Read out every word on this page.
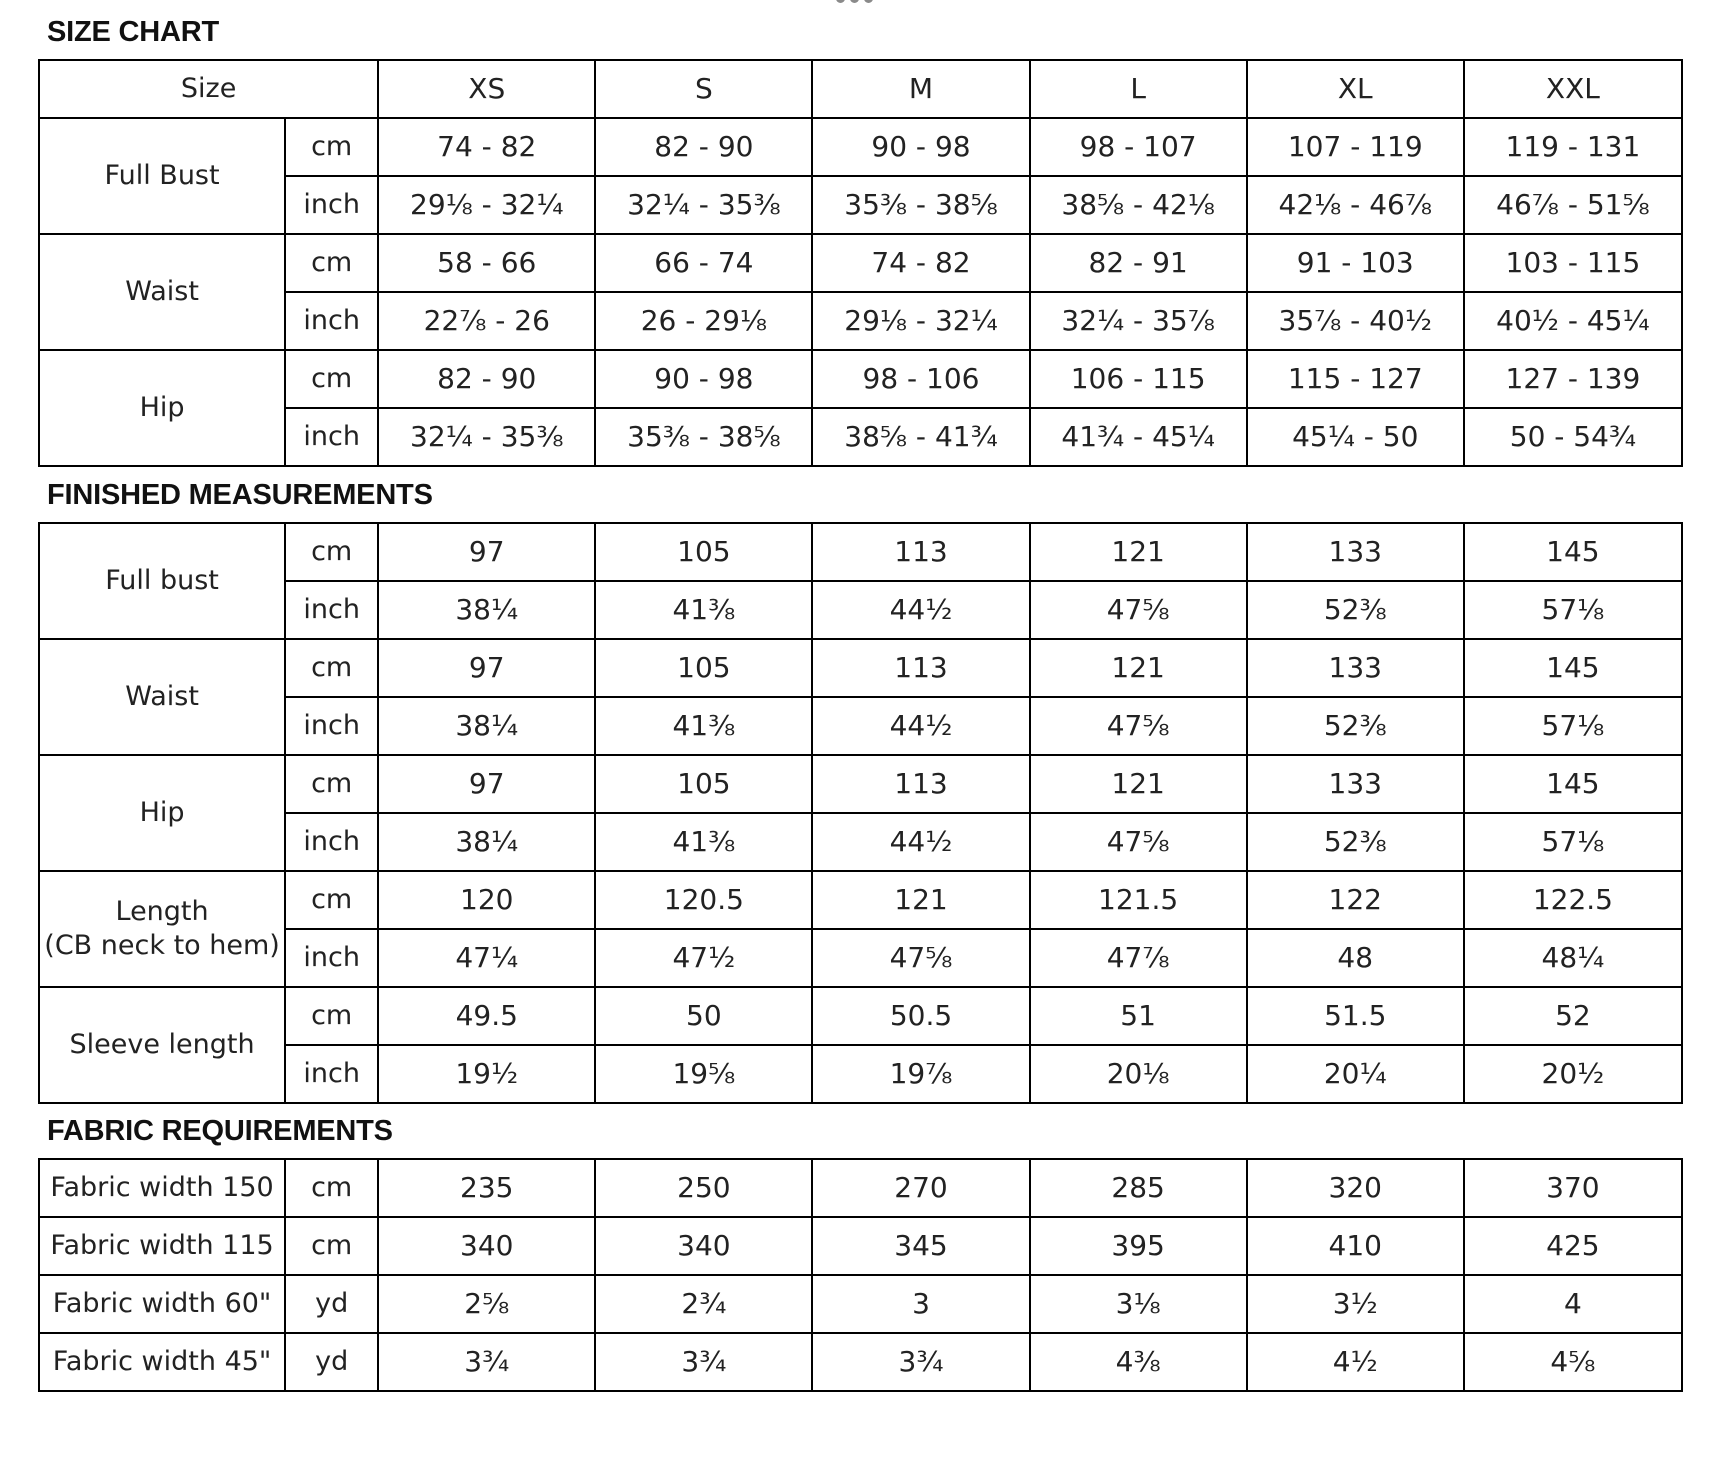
SIZE CHART
Size		XS	S	M	L	XL	XXL
Full Bust	cm	74 - 82	82 - 90	90 - 98	98 - 107	107 - 119	119 - 131
	inch	29⅛ - 32¼	32¼ - 35⅜	35⅜ - 38⅝	38⅝ - 42⅛	42⅛ - 46⅞	46⅞ - 51⅝
Waist	cm	58 - 66	66 - 74	74 - 82	82 - 91	91 - 103	103 - 115
	inch	22⅞ - 26	26 - 29⅛	29⅛ - 32¼	32¼ - 35⅞	35⅞ - 40½	40½ - 45¼
Hip	cm	82 - 90	90 - 98	98 - 106	106 - 115	115 - 127	127 - 139
	inch	32¼ - 35⅜	35⅜ - 38⅝	38⅝ - 41¾	41¾ - 45¼	45¼ - 50	50 - 54¾
FINISHED MEASUREMENTS
Full bust	cm	97	105	113	121	133	145
	inch	38¼	41⅜	44½	47⅝	52⅜	57⅛

Waist	cm	97	105	113	121	133	145
	inch	38¼	41⅜	44½	47⅝	52⅜	57⅛

Hip	cm	97	105	113	121	133	145
	inch	38¼	41⅜	44½	47⅝	52⅜	57⅛

Length
(CB neck to hem)	cm	120	120.5	121	121.5	122	122.5
	inch	47¼	47½	47⅝	47⅞	48	48¼

Sleeve length	cm	49.5	50	50.5	51	51.5	52
	inch	19½	19⅝	19⅞	20⅛	20¼	20½
FABRIC REQUIREMENTS
Fabric width 150	cm	235	250	270	285	320	370
Fabric width 115	cm	340	340	345	395	410	425
Fabric width 60"	yd	2⅝	2¾	3	3⅛	3½	4
Fabric width 45"	yd	3¾	3¾	3¾	4⅜	4½	4⅝
